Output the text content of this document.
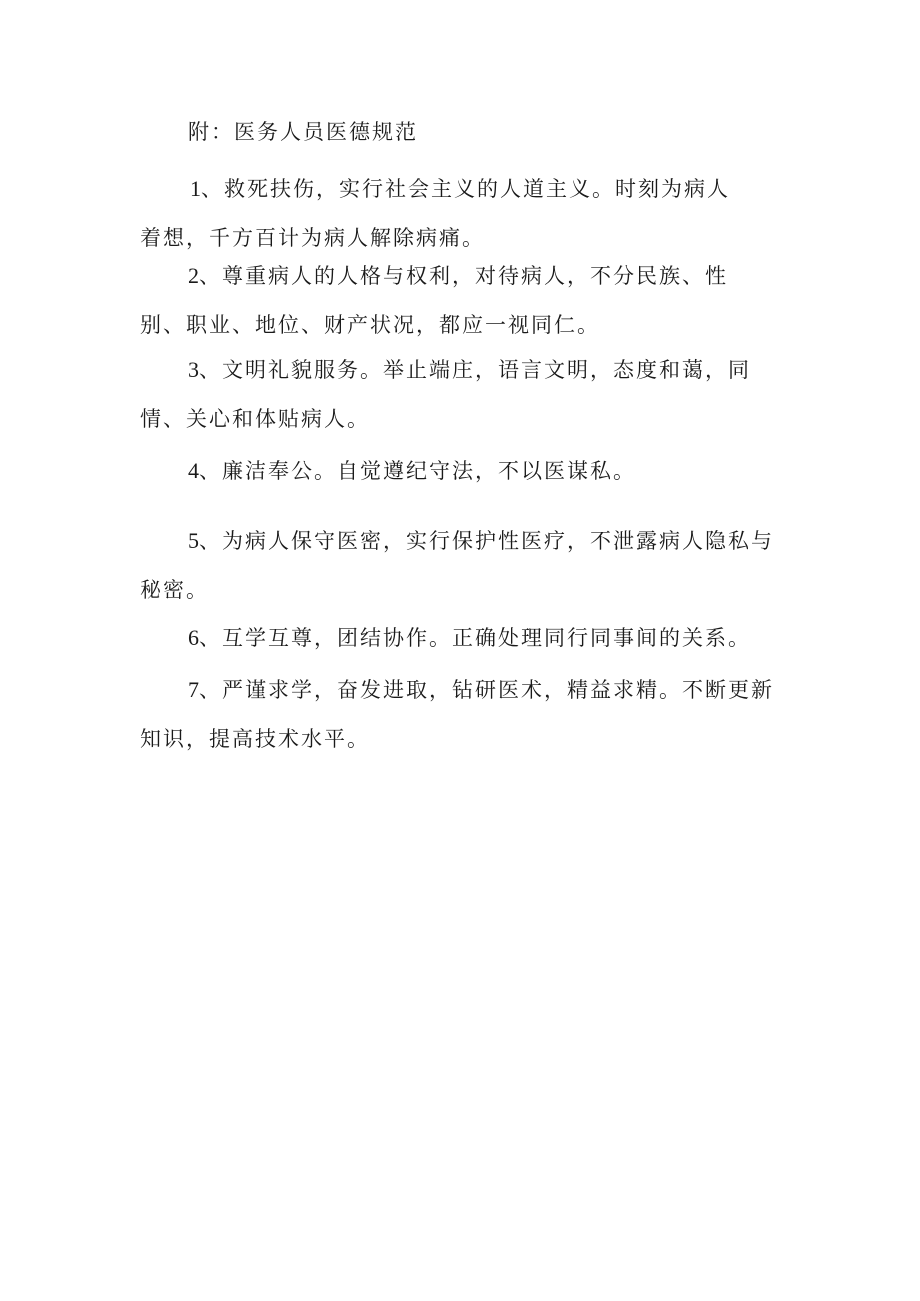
附：医务人员医德规范
1、救死扶伤，实行社会主义的人道主义。时刻为病人
着想，千方百计为病人解除病痛。
2、尊重病人的人格与权利，对待病人，不分民族、性
别、职业、地位、财产状况，都应一视同仁。
3、文明礼貌服务。举止端庄，语言文明，态度和蔼，同
情、关心和体贴病人。
4、廉洁奉公。自觉遵纪守法，不以医谋私。
5、为病人保守医密，实行保护性医疗，不泄露病人隐私与
秘密。
6、互学互尊，团结协作。正确处理同行同事间的关系。
7、严谨求学，奋发进取，钻研医术，精益求精。不断更新
知识，提高技术水平。
